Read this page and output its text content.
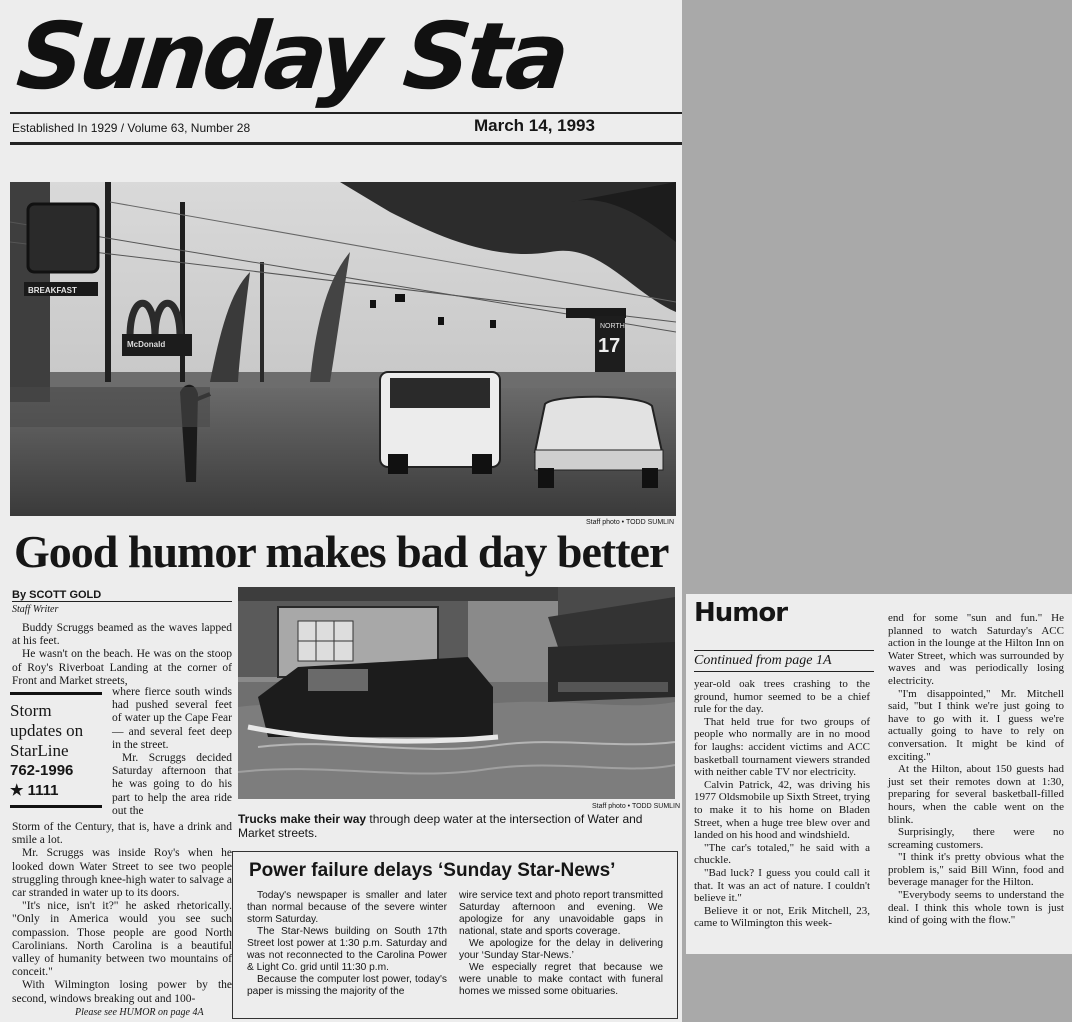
Sunday Sta
Established In 1929 / Volume 63, Number 28	March 14, 1993
BREAKFAST
McDonald
NORTH
17
Staff photo • TODD SUMLIN
Good humor makes bad day better
By SCOTT GOLD
Staff Writer

Buddy Scruggs beamed as the waves lapped at his feet.

He wasn't on the beach. He was on the stoop of Roy's Riverboat Landing at the corner of Front and Market streets,

Storm
updates on
StarLine
762-1996
★ 1111

where fierce south winds had pushed several feet of water up the Cape Fear — and several feet deep in the street.

Mr. Scruggs decided Saturday afternoon that he was going to do his part to help the area ride out the

Storm of the Century, that is, have a drink and smile a lot.

Mr. Scruggs was inside Roy's when he looked down Water Street to see two people struggling through knee-high water to salvage a car stranded in water up to its doors.

"It's nice, isn't it?" he asked rhetorically. "Only in America would you see such compassion. Those people are good North Carolinians. North Carolina is a beautiful valley of humanity between two mountains of conceit."

With Wilmington losing power by the second, windows breaking out and 100-

Please see HUMOR on page 4A
Staff photo • TODD SUMLIN
Trucks make their way through deep water at the intersection of Water and Market streets.
Power failure delays ‘Sunday Star-News’

Today's newspaper is smaller and later than normal because of the severe winter storm Saturday.

The Star-News building on South 17th Street lost power at 1:30 p.m. Saturday and was not reconnected to the Carolina Power & Light Co. grid until 11:30 p.m.

Because the computer lost power, today's paper is missing the majority of the

wire service text and photo report transmitted Saturday afternoon and evening. We apologize for any unavoidable gaps in national, state and sports coverage.

We apologize for the delay in delivering your ‘Sunday Star-News.’

We especially regret that because we were unable to make contact with funeral homes we missed some obituaries.

Humor
Continued from page 1A

year-old oak trees crashing to the ground, humor seemed to be a chief rule for the day.

That held true for two groups of people who normally are in no mood for laughs: accident victims and ACC basketball tournament viewers stranded with neither cable TV nor electricity.

Calvin Patrick, 42, was driving his 1977 Oldsmobile up Sixth Street, trying to make it to his home on Bladen Street, when a huge tree blew over and landed on his hood and windshield.

"The car's totaled," he said with a chuckle.

"Bad luck? I guess you could call it that. It was an act of nature. I couldn't believe it."

Believe it or not, Erik Mitchell, 23, came to Wilmington this week-

end for some "sun and fun." He planned to watch Saturday's ACC action in the lounge at the Hilton Inn on Water Street, which was surrounded by waves and was periodically losing electricity.

"I'm disappointed," Mr. Mitchell said, "but I think we're just going to have to go with it. I guess we're actually going to have to rely on conversation. It might be kind of exciting."

At the Hilton, about 150 guests had just set their remotes down at 1:30, preparing for several basketball-filled hours, when the cable went on the blink.

Surprisingly, there were no screaming customers.

"I think it's pretty obvious what the problem is," said Bill Winn, food and beverage manager for the Hilton.

"Everybody seems to understand the deal. I think this whole town is just kind of going with the flow."
